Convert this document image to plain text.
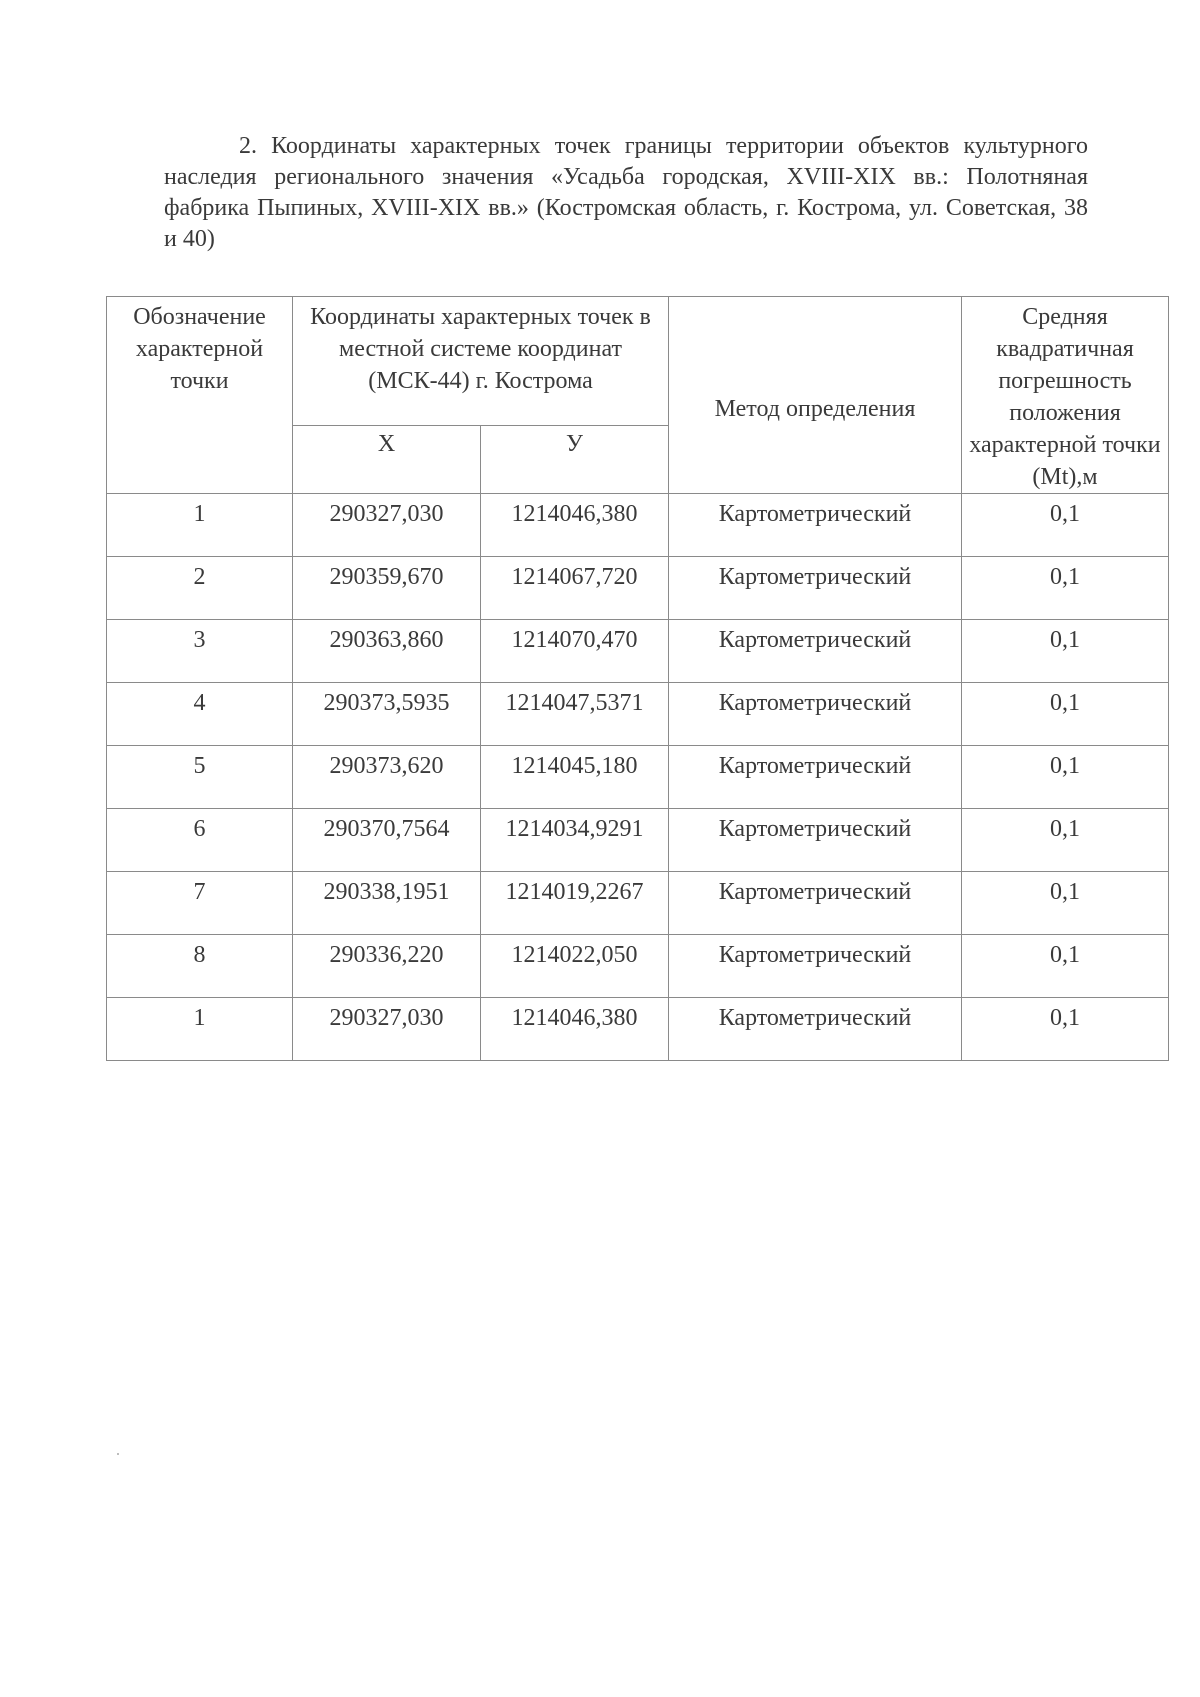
2. Координаты характерных точек границы территории объектов культурного наследия регионального значения «Усадьба городская, XVIII-XIX вв.: Полотняная фабрика Пыпиных, XVIII-XIX вв.» (Костромская область, г. Кострома, ул. Советская, 38 и 40)

Обозначение характерной точки	Координаты характерных точек в местной системе координат (МСК-44) г. Кострома		Метод определения	Средняя квадратичная погрешность положения характерной точки (Mt),м
	Х	У		
1	290327,030	1214046,380	Картометрический	0,1
2	290359,670	1214067,720	Картометрический	0,1
3	290363,860	1214070,470	Картометрический	0,1
4	290373,5935	1214047,5371	Картометрический	0,1
5	290373,620	1214045,180	Картометрический	0,1
6	290370,7564	1214034,9291	Картометрический	0,1
7	290338,1951	1214019,2267	Картометрический	0,1
8	290336,220	1214022,050	Картометрический	0,1
1	290327,030	1214046,380	Картометрический	0,1
